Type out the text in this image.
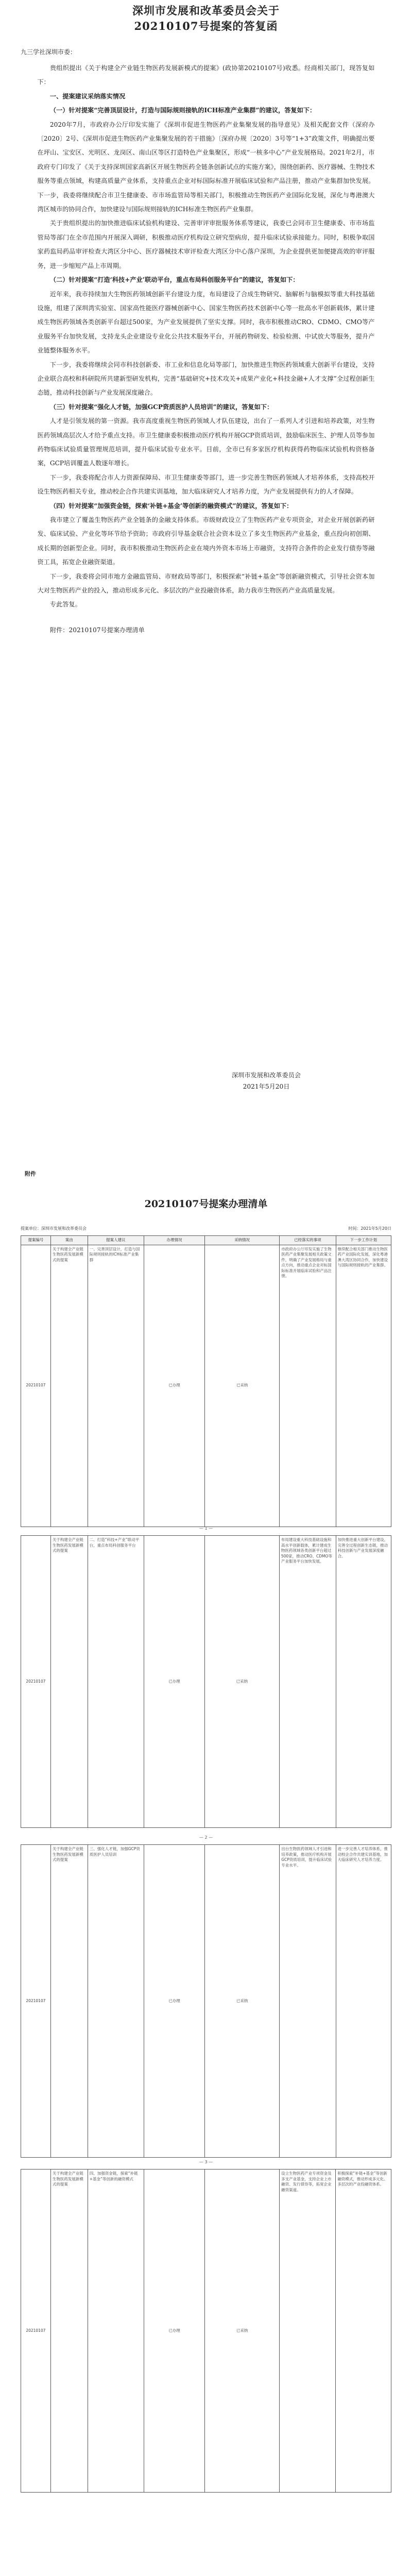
深圳市发展和改革委员会关于
20210107号提案的答复函
九三学社深圳市委：

贵组织提出《关于构建全产业链生物医药发展新模式的提案》(政协第20210107号)收悉。经商相关部门，现答复如下：

一、提案建议采纳落实情况
（一）针对提案“完善顶层设计，打造与国际规则接轨的ICH标准产业集群”的建议，答复如下：

2020年7月，市政府办公厅印发实施了《深圳市促进生物医药产业集聚发展的指导意见》及相关配套文件（深府办〔2020〕2号、《深圳市促进生物医药产业集聚发展的若干措施》〔深府办规〔2020〕3号等“1+3”政策文件，明确提出要在坪山、宝安区、光明区、龙岗区、南山区等区打造特色产业集聚区，形成“一核多中心”产业发展格局。2021年2月，市政府专门印发了《关于支持深圳国家高新区开展生物医药全链条创新试点的实施方案》，围绕创新药、医疗器械、生物技术服务等重点领域，构建高质量产业体系，支持重点企业对标国际标准开展临床试验和产品注册，推动产业集群加快发展。下一步，我委将继续配合市卫生健康委、市市场监管局等相关部门，积极推动生物医药产业国际化发展，深化与粤港澳大湾区城市的协同合作，加快建设与国际规则接轨的ICH标准生物医药产业集群。

关于贵组织提出的加快推进临床试验机构建设、完善审评审批服务体系等建议，我委已会同市卫生健康委、市市场监管局等部门在全市范围内开展深入调研，积极推动医疗机构设立研究型病房，提升临床试验承接能力。同时，积极争取国家药监局药品审评检查大湾区分中心、医疗器械技术审评检查大湾区分中心落户深圳，为企业提供更加便捷高效的审评服务，进一步缩短产品上市周期。

（二）针对提案“打造‘科技+产业’联动平台，重点布局科创服务平台”的建议，答复如下：

近年来，我市持续加大生物医药领域创新平台建设力度，布局建设了合成生物研究、脑解析与脑模拟等重大科技基础设施，组建了深圳湾实验室、国家高性能医疗器械创新中心、国家生物医药技术创新中心等一批高水平创新载体，累计建成生物医药领域各类创新平台超过500家，为产业发展提供了坚实支撑。同时，我市积极推动CRO、CDMO、CMO等产业服务平台加快发展，支持龙头企业建设专业化公共技术服务平台，开展药物研发、检验检测、中试放大等服务，提升产业链整体服务水平。

下一步，我委将继续会同市科技创新委、市工业和信息化局等部门，加快推进生物医药领域重大创新平台建设，支持企业联合高校和科研院所共建新型研发机构，完善“基础研究+技术攻关+成果产业化+科技金融+人才支撑”全过程创新生态链，推动科技创新与产业发展深度融合。

（三）针对提案“强化人才链，加强GCP资质医护人员培训”的建议，答复如下：

人才是引领发展的第一资源。我市高度重视生物医药领域人才队伍建设，出台了一系列人才引进和培养政策，对生物医药领域高层次人才给予重点支持。市卫生健康委积极推动医疗机构开展GCP资质培训，鼓励临床医生、护理人员等参加药物临床试验质量管理规范培训，提升临床试验专业水平。目前，全市已有多家医疗机构获得药物临床试验机构资格备案，GCP培训覆盖人数逐年增长。

下一步，我委将配合市人力资源保障局、市卫生健康委等部门，进一步完善生物医药领域人才培养体系，支持高校开设生物医药相关专业，推动校企合作共建实训基地，加大临床研究人才培养力度，为产业发展提供有力的人才保障。

（四）针对提案“加强资金链，探索‘补链+基金’等创新的融资模式”的建议，答复如下：

我市建立了覆盖生物医药产业全链条的金融支持体系。市级财政设立了生物医药产业专项资金，对企业开展创新药研发、临床试验、产业化等环节给予资助；市政府引导基金联合社会资本设立了多支生物医药产业基金，重点投向初创期、成长期的创新型企业。同时，我市积极推动生物医药企业在境内外资本市场上市融资，支持符合条件的企业发行债券等融资工具，拓宽企业融资渠道。

下一步，我委将会同市地方金融监管局、市财政局等部门，积极探索“补链+基金”等创新融资模式，引导社会资本加大对生物医药产业的投入，推动形成多元化、多层次的产业投融资体系，助力我市生物医药产业高质量发展。

专此答复。

附件：20210107号提案办理清单
深圳市发展和改革委员会
2021年5月20日
附件
20210107号提案办理清单
提案单位：深圳市发展和改革委员会	时间：2021年5月20日
提案编号	案由	提案人建议	办理情况	采纳情况	已经落实的事项	下一步工作计划
20210107	关于构建全产业链生物医药发展新模式的提案	一、完善顶层设计，打造与国际规则接轨的ICH标准产业集群	已办理	已采纳	市政府办公厅印发实施了生物医药产业集聚发展相关政策文件，明确了产业发展格局与重点方向，推动重点企业对标国际标准开展临床试验和产品注册。	继续配合相关部门推动生物医药产业国际化发展，深化粤港澳大湾区协同合作，加快建设与国际规则接轨的产业集群。
— 1 —
20210107	关于构建全产业链生物医药发展新模式的提案	二、打造“科技+产业”联动平台，重点布局科创服务平台	已办理	已采纳	布局建设重大科技基础设施和高水平创新载体，累计建成生物医药领域各类创新平台超过500家，推动CRO、CDMO等产业服务平台加快发展。	加快推进重大创新平台建设，完善全过程创新生态链，推动科技创新与产业发展深度融合。
— 2 —
20210107	关于构建全产业链生物医药发展新模式的提案	三、强化人才链，加强GCP资质医护人员培训	已办理	已采纳	出台生物医药领域人才引进和培养政策，推动医疗机构开展GCP资质培训，提升临床试验专业水平。	进一步完善人才培养体系，推动校企合作共建实训基地，加大临床研究人才培养力度。
— 3 —
20210107	关于构建全产业链生物医药发展新模式的提案	四、加强资金链，探索“补链+基金”等创新的融资模式	已办理	已采纳	设立生物医药产业专项资金及多支产业基金，支持企业上市融资、发行债券等，拓宽企业融资渠道。	积极探索“补链+基金”等创新融资模式，推动形成多元化、多层次的产业投融资体系。
